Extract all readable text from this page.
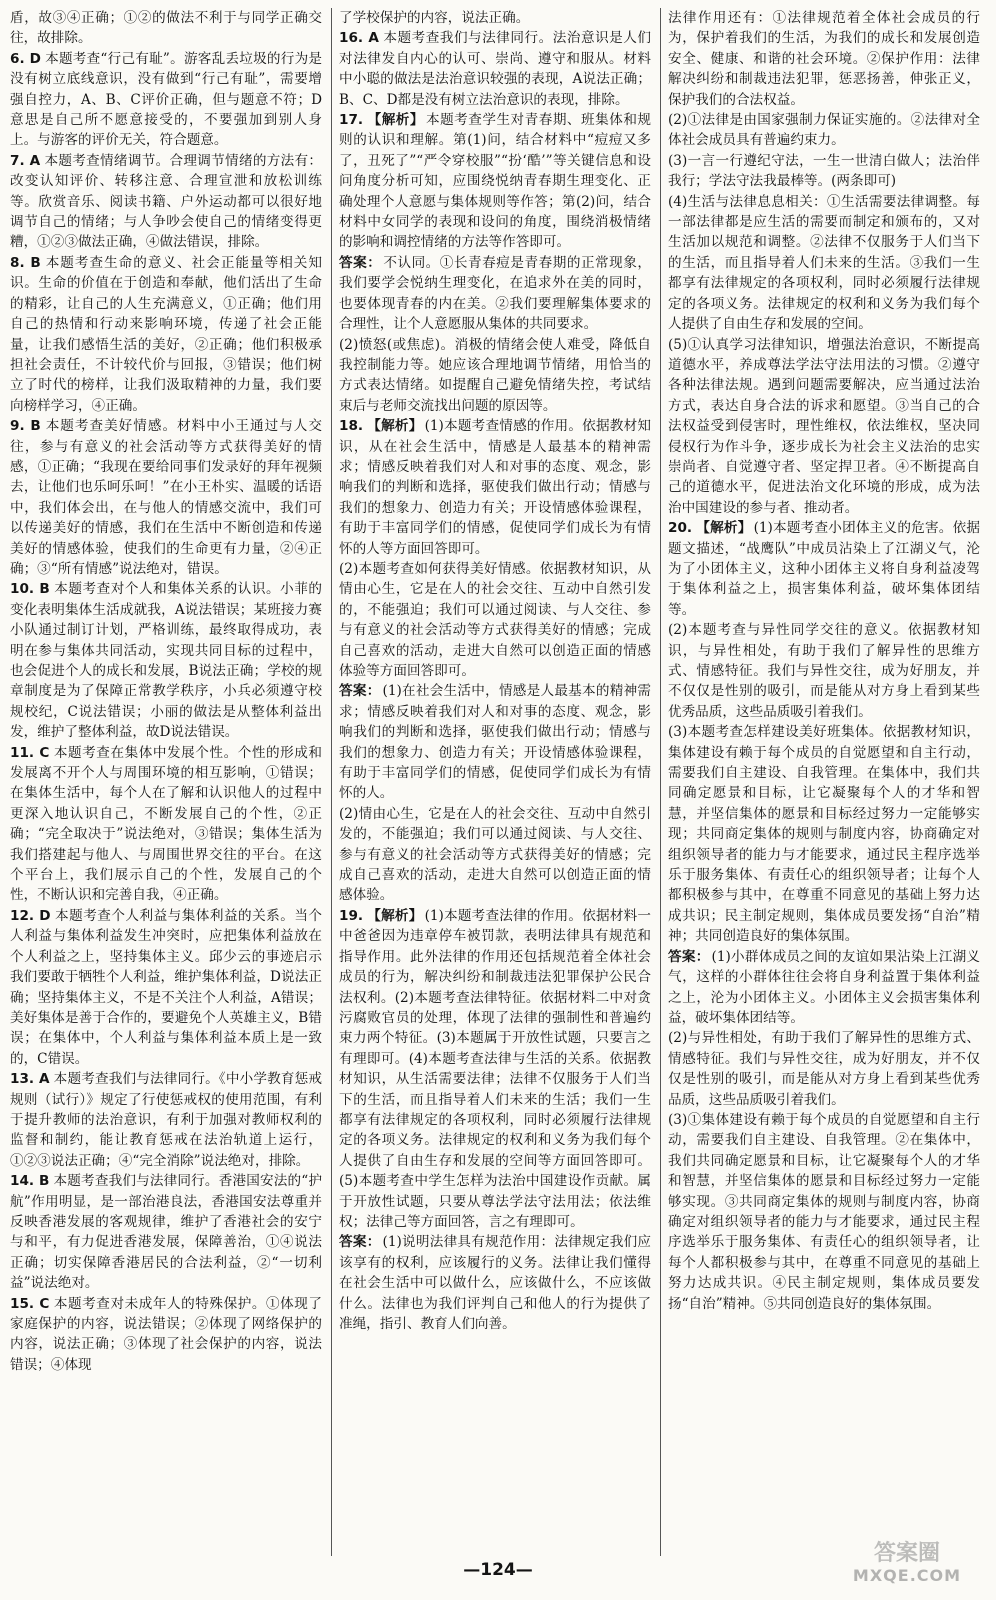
盾，故③④正确；①②的做法不利于与同学正确交往，故排除。

6. D 本题考查“行己有耻”。游客乱丢垃圾的行为是没有树立底线意识，没有做到“行己有耻”，需要增强自控力，A、B、C评价正确，但与题意不符；D意思是自己所不愿意接受的，不要强加到别人身上。与游客的评价无关，符合题意。

7. A 本题考查情绪调节。合理调节情绪的方法有：改变认知评价、转移注意、合理宣泄和放松训练等。欣赏音乐、阅读书籍、户外运动都可以很好地调节自己的情绪；与人争吵会使自己的情绪变得更糟，①②③做法正确，④做法错误，排除。

8. B 本题考查生命的意义、社会正能量等相关知识。生命的价值在于创造和奉献，他们活出了生命的精彩，让自己的人生充满意义，①正确；他们用自己的热情和行动来影响环境，传递了社会正能量，让我们感悟生活的美好，②正确；他们积极承担社会责任，不计较代价与回报，③错误；他们树立了时代的榜样，让我们汲取精神的力量，我们要向榜样学习，④正确。

9. B 本题考查美好情感。材料中小王通过与人交往，参与有意义的社会活动等方式获得美好的情感，①正确；“我现在要给同事们发录好的拜年视频去，让他们也乐呵乐呵！”在小王朴实、温暖的话语中，我们体会出，在与他人的情感交流中，我们可以传递美好的情感，我们在生活中不断创造和传递美好的情感体验，使我们的生命更有力量，②④正确；③“所有情感”说法绝对，错误。

10. B 本题考查对个人和集体关系的认识。小菲的变化表明集体生活成就我，A说法错误；某班接力赛小队通过制订计划，严格训练，最终取得成功，表明在参与集体共同活动，实现共同目标的过程中，也会促进个人的成长和发展，B说法正确；学校的规章制度是为了保障正常教学秩序，小兵必须遵守校规校纪，C说法错误；小丽的做法是从整体利益出发，维护了整体利益，故D说法错误。

11. C 本题考查在集体中发展个性。个性的形成和发展离不开个人与周围环境的相互影响，①错误；在集体生活中，每个人在了解和认识他人的过程中更深入地认识自己，不断发展自己的个性，②正确；“完全取决于”说法绝对，③错误；集体生活为我们搭建起与他人、与周围世界交往的平台。在这个平台上，我们展示自己的个性，发展自己的个性，不断认识和完善自我，④正确。

12. D 本题考查个人利益与集体利益的关系。当个人利益与集体利益发生冲突时，应把集体利益放在个人利益之上，坚持集体主义。邱少云的事迹启示我们要敢于牺牲个人利益，维护集体利益，D说法正确；坚持集体主义，不是不关注个人利益，A错误；美好集体是善于合作的，要避免个人英雄主义，B错误；在集体中，个人利益与集体利益本质上是一致的，C错误。

13. A 本题考查我们与法律同行。《中小学教育惩戒规则（试行）》规定了行使惩戒权的使用范围，有利于提升教师的法治意识，有利于加强对教师权利的监督和制约，能让教育惩戒在法治轨道上运行，①②③说法正确；④“完全消除”说法绝对，排除。

14. B 本题考查我们与法律同行。香港国安法的“护航”作用明显，是一部治港良法，香港国安法尊重并反映香港发展的客观规律，维护了香港社会的安宁与和平，有力促进香港发展，保障善治，①④说法正确；切实保障香港居民的合法利益，②“一切利益”说法绝对。

15. C 本题考查对未成年人的特殊保护。①体现了家庭保护的内容，说法错误；②体现了网络保护的内容，说法正确；③体现了社会保护的内容，说法错误；④体现

了学校保护的内容，说法正确。

16. A 本题考查我们与法律同行。法治意识是人们对法律发自内心的认可、崇尚、遵守和服从。材料中小聪的做法是法治意识较强的表现，A说法正确；B、C、D都是没有树立法治意识的表现，排除。

17. 【解析】 本题考查学生对青春期、班集体和规则的认识和理解。第(1)问，结合材料中“痘痘又多了，丑死了”“严令穿校服”“扮‘酷’”等关键信息和设问角度分析可知，应围绕悦纳青春期生理变化、正确处理个人意愿与集体规则等作答；第(2)问，结合材料中女同学的表现和设问的角度，围绕消极情绪的影响和调控情绪的方法等作答即可。

答案： 不认同。①长青春痘是青春期的正常现象，我们要学会悦纳生理变化，在追求外在美的同时，也要体现青春的内在美。②我们要理解集体要求的合理性，让个人意愿服从集体的共同要求。

(2)愤怒(或焦虑)。消极的情绪会使人难受，降低自我控制能力等。她应该合理地调节情绪，用恰当的方式表达情绪。如提醒自己避免情绪失控，考试结束后与老师交流找出问题的原因等。

18. 【解析】 (1)本题考查情感的作用。依据教材知识，从在社会生活中，情感是人最基本的精神需求；情感反映着我们对人和对事的态度、观念，影响我们的判断和选择，驱使我们做出行动；情感与我们的想象力、创造力有关；开设情感体验课程，有助于丰富同学们的情感，促使同学们成长为有情怀的人等方面回答即可。

(2)本题考查如何获得美好情感。依据教材知识，从情由心生，它是在人的社会交往、互动中自然引发的，不能强迫；我们可以通过阅读、与人交往、参与有意义的社会活动等方式获得美好的情感；完成自己喜欢的活动，走进大自然可以创造正面的情感体验等方面回答即可。

答案： (1)在社会生活中，情感是人最基本的精神需求；情感反映着我们对人和对事的态度、观念，影响我们的判断和选择，驱使我们做出行动；情感与我们的想象力、创造力有关；开设情感体验课程，有助于丰富同学们的情感，促使同学们成长为有情怀的人。

(2)情由心生，它是在人的社会交往、互动中自然引发的，不能强迫；我们可以通过阅读、与人交往、参与有意义的社会活动等方式获得美好的情感；完成自己喜欢的活动，走进大自然可以创造正面的情感体验。

19. 【解析】 (1)本题考查法律的作用。依据材料一中爸爸因为违章停车被罚款，表明法律具有规范和指导作用。此外法律的作用还包括规范着全体社会成员的行为，解决纠纷和制裁违法犯罪保护公民合法权利。(2)本题考查法律特征。依据材料二中对贪污腐败官员的处理，体现了法律的强制性和普遍约束力两个特征。(3)本题属于开放性试题，只要言之有理即可。(4)本题考查法律与生活的关系。依据教材知识，从生活需要法律；法律不仅服务于人们当下的生活，而且指导着人们未来的生活；我们一生都享有法律规定的各项权利，同时必须履行法律规定的各项义务。法律规定的权利和义务为我们每个人提供了自由生存和发展的空间等方面回答即可。(5)本题考查中学生怎样为法治中国建设作贡献。属于开放性试题，只要从尊法学法守法用法；依法维权；法律己等方面回答，言之有理即可。

答案： (1)说明法律具有规范作用：法律规定我们应该享有的权利，应该履行的义务。法律让我们懂得在社会生活中可以做什么，应该做什么，不应该做什么。法律也为我们评判自己和他人的行为提供了准绳，指引、教育人们向善。

法律作用还有：①法律规范着全体社会成员的行为，保护着我们的生活，为我们的成长和发展创造安全、健康、和谐的社会环境。②保护作用：法律解决纠纷和制裁违法犯罪，惩恶扬善，伸张正义，保护我们的合法权益。

(2)①法律是由国家强制力保证实施的。②法律对全体社会成员具有普遍约束力。

(3)一言一行遵纪守法，一生一世清白做人；法治伴我行；学法守法我最棒等。(两条即可)

(4)生活与法律息息相关：①生活需要法律调整。每一部法律都是应生活的需要而制定和颁布的，又对生活加以规范和调整。②法律不仅服务于人们当下的生活，而且指导着人们未来的生活。③我们一生都享有法律规定的各项权利，同时必须履行法律规定的各项义务。法律规定的权利和义务为我们每个人提供了自由生存和发展的空间。

(5)①认真学习法律知识，增强法治意识，不断提高道德水平，养成尊法学法守法用法的习惯。②遵守各种法律法规。遇到问题需要解决，应当通过法治方式，表达自身合法的诉求和愿望。③当自己的合法权益受到侵害时，理性维权，依法维权，坚决同侵权行为作斗争，逐步成长为社会主义法治的忠实崇尚者、自觉遵守者、坚定捍卫者。④不断提高自己的道德水平，促进法治文化环境的形成，成为法治中国建设的参与者、推动者。

20. 【解析】 (1)本题考查小团体主义的危害。依据题文描述，“战鹰队”中成员沾染上了江湖义气，沦为了小团体主义，这种小团体主义将自身利益凌驾于集体利益之上，损害集体利益，破坏集体团结等。

(2)本题考查与异性同学交往的意义。依据教材知识，与异性相处，有助于我们了解异性的思维方式、情感特征。我们与异性交往，成为好朋友，并不仅仅是性别的吸引，而是能从对方身上看到某些优秀品质，这些品质吸引着我们。

(3)本题考查怎样建设美好班集体。依据教材知识，集体建设有赖于每个成员的自觉愿望和自主行动，需要我们自主建设、自我管理。在集体中，我们共同确定愿景和目标，让它凝聚每个人的才华和智慧，并坚信集体的愿景和目标经过努力一定能够实现；共同商定集体的规则与制度内容，协商确定对组织领导者的能力与才能要求，通过民主程序选举乐于服务集体、有责任心的组织领导者；让每个人都积极参与其中，在尊重不同意见的基础上努力达成共识；民主制定规则，集体成员要发扬“自治”精神；共同创造良好的集体氛围。

答案： (1)小群体成员之间的友谊如果沾染上江湖义气，这样的小群体往往会将自身利益置于集体利益之上，沦为小团体主义。小团体主义会损害集体利益，破坏集体团结等。

(2)与异性相处，有助于我们了解异性的思维方式、情感特征。我们与异性交往，成为好朋友，并不仅仅是性别的吸引，而是能从对方身上看到某些优秀品质，这些品质吸引着我们。

(3)①集体建设有赖于每个成员的自觉愿望和自主行动，需要我们自主建设、自我管理。②在集体中，我们共同确定愿景和目标，让它凝聚每个人的才华和智慧，并坚信集体的愿景和目标经过努力一定能够实现。③共同商定集体的规则与制度内容，协商确定对组织领导者的能力与才能要求，通过民主程序选举乐于服务集体、有责任心的组织领导者，让每个人都积极参与其中，在尊重不同意见的基础上努力达成共识。④民主制定规则，集体成员要发扬“自治”精神。⑤共同创造良好的集体氛围。

—124—
答案圈
MXQE.COM
